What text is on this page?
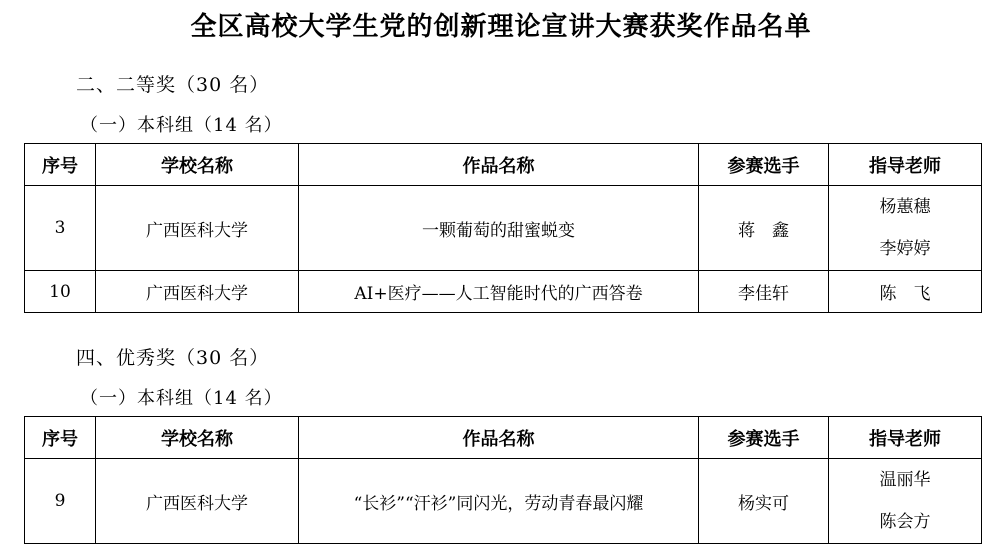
全区高校大学生党的创新理论宣讲大赛获奖作品名单
二、二等奖（30 名）
（一）本科组（14 名）
序号	学校名称	作品名称	参赛选手	指导老师
3	广西医科大学	一颗葡萄的甜蜜蜕变	蒋　鑫	杨蕙穗
李婷婷

10	广西医科大学	AI+医疗——人工智能时代的广西答卷	李佳轩	陈　飞
四、优秀奖（30 名）
（一）本科组（14 名）
序号	学校名称	作品名称	参赛选手	指导老师
9	广西医科大学	“长衫”“汗衫”同闪光，劳动青春最闪耀	杨实可	温丽华
陈会方
